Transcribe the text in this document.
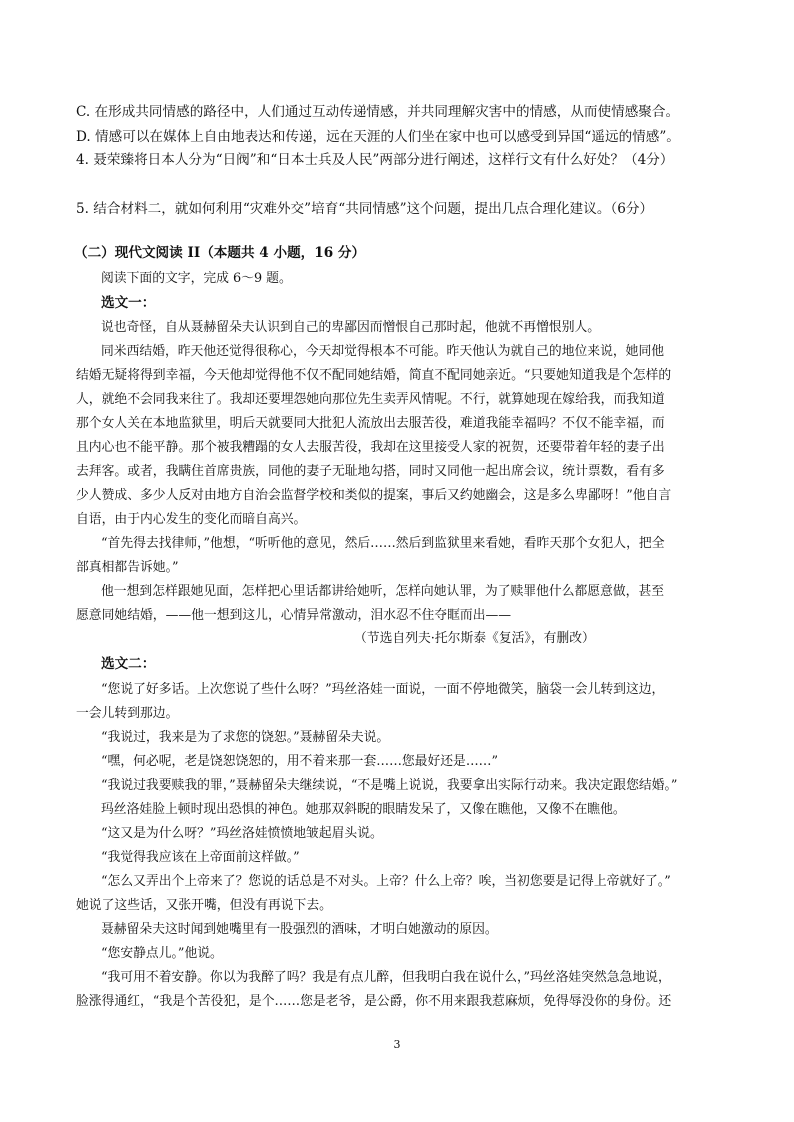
C. 在形成共同情感的路径中，人们通过互动传递情感，并共同理解灾害中的情感，从而使情感聚合。
D. 情感可以在媒体上自由地表达和传递，远在天涯的人们坐在家中也可以感受到异国“遥远的情感”。
4. 聂荣臻将日本人分为“日阀”和“日本士兵及人民”两部分进行阐述，这样行文有什么好处？（4分）
5. 结合材料二，就如何利用“灾难外交”培育“共同情感”这个问题，提出几点合理化建议。（6分）
（二）现代文阅读 II（本题共 4 小题，16 分）
阅读下面的文字，完成 6～9 题。
选文一：
说也奇怪，自从聂赫留朵夫认识到自己的卑鄙因而憎恨自己那时起，他就不再憎恨别人。
同米西结婚，昨天他还觉得很称心，今天却觉得根本不可能。昨天他认为就自己的地位来说，她同他
结婚无疑将得到幸福，今天他却觉得他不仅不配同她结婚，简直不配同她亲近。“只要她知道我是个怎样的
人，就绝不会同我来往了。我却还要埋怨她向那位先生卖弄风情呢。不行，就算她现在嫁给我，而我知道
那个女人关在本地监狱里，明后天就要同大批犯人流放出去服苦役，难道我能幸福吗？不仅不能幸福，而
且内心也不能平静。那个被我糟蹋的女人去服苦役，我却在这里接受人家的祝贺，还要带着年轻的妻子出
去拜客。或者，我瞒住首席贵族，同他的妻子无耻地勾搭，同时又同他一起出席会议，统计票数，看有多
少人赞成、多少人反对由地方自治会监督学校和类似的提案，事后又约她幽会，这是多么卑鄙呀！”他自言
自语，由于内心发生的变化而暗自高兴。
“首先得去找律师，”他想，“听听他的意见，然后……然后到监狱里来看她，看昨天那个女犯人，把全
部真相都告诉她。”
他一想到怎样跟她见面，怎样把心里话都讲给她听，怎样向她认罪，为了赎罪他什么都愿意做，甚至
愿意同她结婚，——他一想到这儿，心情异常激动，泪水忍不住夺眶而出——
（节选自列夫·托尔斯泰《复活》，有删改）
选文二：
“您说了好多话。上次您说了些什么呀？”玛丝洛娃一面说，一面不停地微笑，脑袋一会儿转到这边，
一会儿转到那边。
“我说过，我来是为了求您的饶恕。”聂赫留朵夫说。
“嘿，何必呢，老是饶恕饶恕的，用不着来那一套……您最好还是……”
“我说过我要赎我的罪，”聂赫留朵夫继续说，“不是嘴上说说，我要拿出实际行动来。我决定跟您结婚。”
玛丝洛娃脸上顿时现出恐惧的神色。她那双斜睨的眼睛发呆了，又像在瞧他，又像不在瞧他。
“这又是为什么呀？”玛丝洛娃愤愤地皱起眉头说。
“我觉得我应该在上帝面前这样做。”
“怎么又弄出个上帝来了？您说的话总是不对头。上帝？什么上帝？唉，当初您要是记得上帝就好了。”
她说了这些话，又张开嘴，但没有再说下去。
聂赫留朵夫这时闻到她嘴里有一股强烈的酒味，才明白她激动的原因。
“您安静点儿。”他说。
“我可用不着安静。你以为我醉了吗？我是有点儿醉，但我明白我在说什么，”玛丝洛娃突然急急地说，
脸涨得通红，“我是个苦役犯，是个……您是老爷，是公爵，你不用来跟我惹麻烦，免得辱没你的身份。还
3
